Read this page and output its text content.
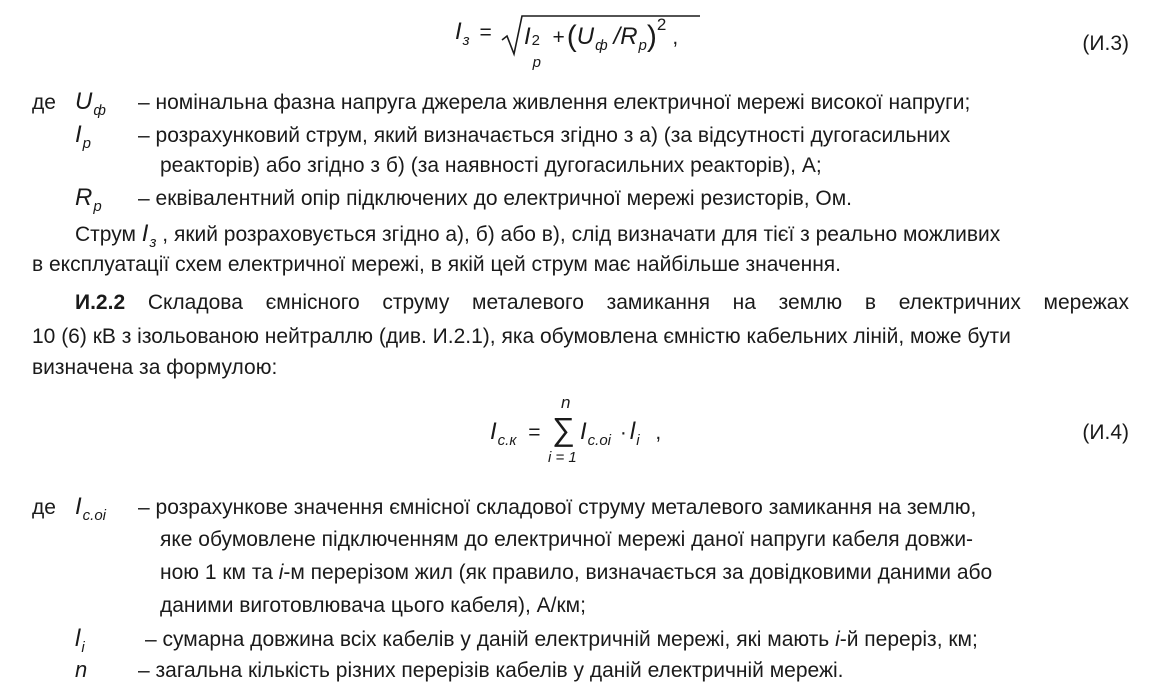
$I_з = I$ 2
р
$+(U_ф$ $/R_р)^2$,	(И.3)
де $U_ф$ – номінальна фазна напруга джерела живлення електричної мережі високої напруги;
$I_р$ – розрахунковий струм, який визначається згідно з а) (за відсутності дугогасильних
реакторів) або згідно з б) (за наявності дугогасильних реакторів), А;
$R_р$ – еквівалентний опір підключених до електричної мережі резисторів, Ом.
Струм $I_з$ , який розраховується згідно а), б) або в), слід визначати для тієї з реально можливих
в експлуатації схем електричної мережі, в якій цей струм має найбільше значення.
И.2.2 Складова ємнісного струму металевого замикання на землю в електричних мережах
10 (6) кВ з ізольованою нейтраллю (див. И.2.1), яка обумовлена ємністю кабельних ліній, може бути
визначена за формулою:
$I_{с.к}$ =
n
∑
i = 1
$I_{с.oi} \cdot l_i$ ,	(И.4)
де $I_{с.oi}$ – розрахункове значення ємнісної складової струму металевого замикання на землю,
яке обумовлене підключенням до електричної мережі даної напруги кабеля довжи-
ною 1 км та i-м перерізом жил (як правило, визначається за довідковими даними або
даними виготовлювача цього кабеля), А/км;
$l_i$	– сумарна довжина всіх кабелів у даній електричній мережі, які мають i-й переріз, км;
n – загальна кількість різних перерізів кабелів у даній електричній мережі.
